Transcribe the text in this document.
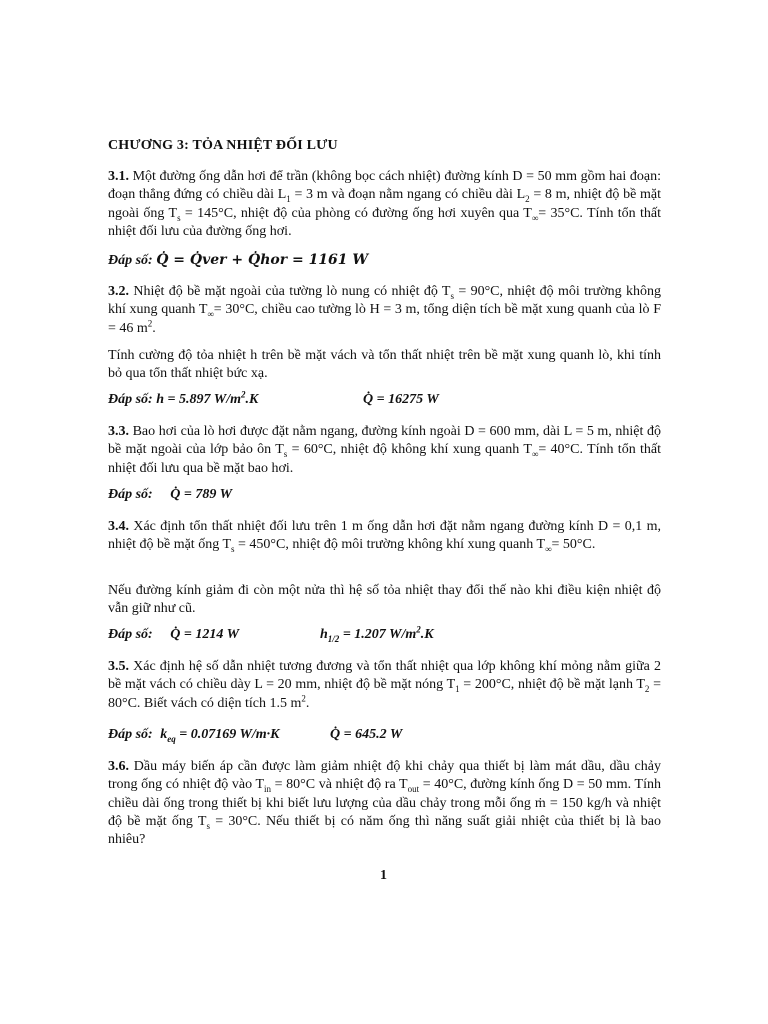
CHƯƠNG 3: TỎA NHIỆT ĐỐI LƯU
3.1. Một đường ống dẫn hơi để trần (không bọc cách nhiệt) đường kính D = 50 mm gồm hai đoạn: đoạn thẳng đứng có chiều dài $L_1 = 3$ m và đoạn nằm ngang có chiều dài $L_2 = 8$ m, nhiệt độ bề mặt ngoài ống $T_s = 145^\circ C$, nhiệt độ của phòng có đường ống hơi xuyên qua $T_\infty= 35^\circ C$. Tính tổn thất nhiệt đối lưu của đường ống hơi.
Đáp số: Q̇ = Q̇ver + Q̇hor = 1161 W
3.2. Nhiệt độ bề mặt ngoài của tường lò nung có nhiệt độ $T_s = 90^\circ C$, nhiệt độ môi trường không khí xung quanh $T_\infty= 30^\circ C$, chiều cao tường lò H = 3 m, tổng diện tích bề mặt xung quanh của lò F = 46 $m^2$.
Tính cường độ tỏa nhiệt h trên bề mặt vách và tổn thất nhiệt trên bề mặt xung quanh lò, khi tính bỏ qua tổn thất nhiệt bức xạ.
Đáp số: h = 5.897 $W/m^2.K$	Q̇ = 16275 W
3.3. Bao hơi của lò hơi được đặt nằm ngang, đường kính ngoài D = 600 mm, dài L = 5 m, nhiệt độ bề mặt ngoài của lớp bảo ôn $T_s = 60^\circ C$, nhiệt độ không khí xung quanh $T_\infty= 40^\circ C$. Tính tổn thất nhiệt đối lưu qua bề mặt bao hơi.
Đáp số: Q̇ = 789 W
3.4. Xác định tổn thất nhiệt đối lưu trên 1 m ống dẫn hơi đặt nằm ngang đường kính D = 0,1 m, nhiệt độ bề mặt ống $T_s = 450^\circ C$, nhiệt độ môi trường không khí xung quanh $T_\infty= 50^\circ C$.
Nếu đường kính giảm đi còn một nửa thì hệ số tỏa nhiệt thay đổi thế nào khi điều kiện nhiệt độ vẫn giữ như cũ.
Đáp số: Q̇ = 1214 W	$h_{1/2} = 1.207$ $W/m^2.K$
3.5. Xác định hệ số dẫn nhiệt tương đương và tổn thất nhiệt qua lớp không khí mỏng nằm giữa 2 bề mặt vách có chiều dày L = 20 mm, nhiệt độ bề mặt nóng $T_1 = 200^\circ C$, nhiệt độ bề mặt lạnh $T_2 = 80^\circ C$. Biết vách có diện tích 1.5 $m^2$.
Đáp số: $k_{eq} = 0.07169$ W/m·K	Q̇ = 645.2 W
3.6. Dầu máy biến áp cần được làm giảm nhiệt độ khi chảy qua thiết bị làm mát dầu, dầu chảy trong ống có nhiệt độ vào $T_{in} = 80^\circ C$ và nhiệt độ ra $T_{out} = 40^\circ C$, đường kính ống D = 50 mm. Tính chiều dài ống trong thiết bị khi biết lưu lượng của dầu chảy trong mỗi ống ṁ = 150 kg/h và nhiệt độ bề mặt ống $T_s = 30^\circ C$. Nếu thiết bị có năm ống thì năng suất giải nhiệt của thiết bị là bao nhiêu?
1
